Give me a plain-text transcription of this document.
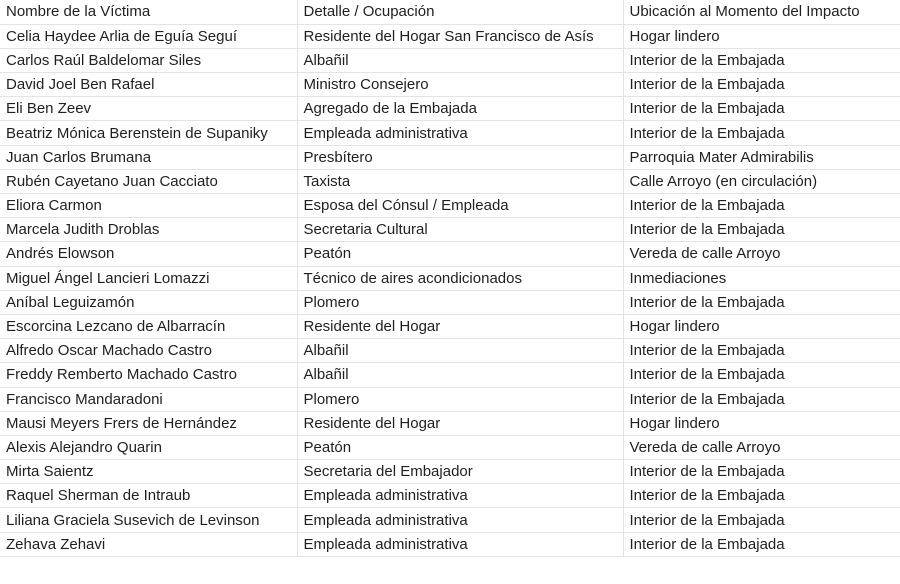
Nombre de la Víctima	Detalle / Ocupación	Ubicación al Momento del Impacto
Celia Haydee Arlia de Eguía Seguí	Residente del Hogar San Francisco de Asís	Hogar lindero
Carlos Raúl Baldelomar Siles	Albañil	Interior de la Embajada
David Joel Ben Rafael	Ministro Consejero	Interior de la Embajada
Eli Ben Zeev	Agregado de la Embajada	Interior de la Embajada
Beatriz Mónica Berenstein de Supaniky	Empleada administrativa	Interior de la Embajada
Juan Carlos Brumana	Presbítero	Parroquia Mater Admirabilis
Rubén Cayetano Juan Cacciato	Taxista	Calle Arroyo (en circulación)
Eliora Carmon	Esposa del Cónsul / Empleada	Interior de la Embajada
Marcela Judith Droblas	Secretaria Cultural	Interior de la Embajada
Andrés Elowson	Peatón	Vereda de calle Arroyo
Miguel Ángel Lancieri Lomazzi	Técnico de aires acondicionados	Inmediaciones
Aníbal Leguizamón	Plomero	Interior de la Embajada
Escorcina Lezcano de Albarracín	Residente del Hogar	Hogar lindero
Alfredo Oscar Machado Castro	Albañil	Interior de la Embajada
Freddy Remberto Machado Castro	Albañil	Interior de la Embajada
Francisco Mandaradoni	Plomero	Interior de la Embajada
Mausi Meyers Frers de Hernández	Residente del Hogar	Hogar lindero
Alexis Alejandro Quarin	Peatón	Vereda de calle Arroyo
Mirta Saientz	Secretaria del Embajador	Interior de la Embajada
Raquel Sherman de Intraub	Empleada administrativa	Interior de la Embajada
Liliana Graciela Susevich de Levinson	Empleada administrativa	Interior de la Embajada
Zehava Zehavi	Empleada administrativa	Interior de la Embajada
